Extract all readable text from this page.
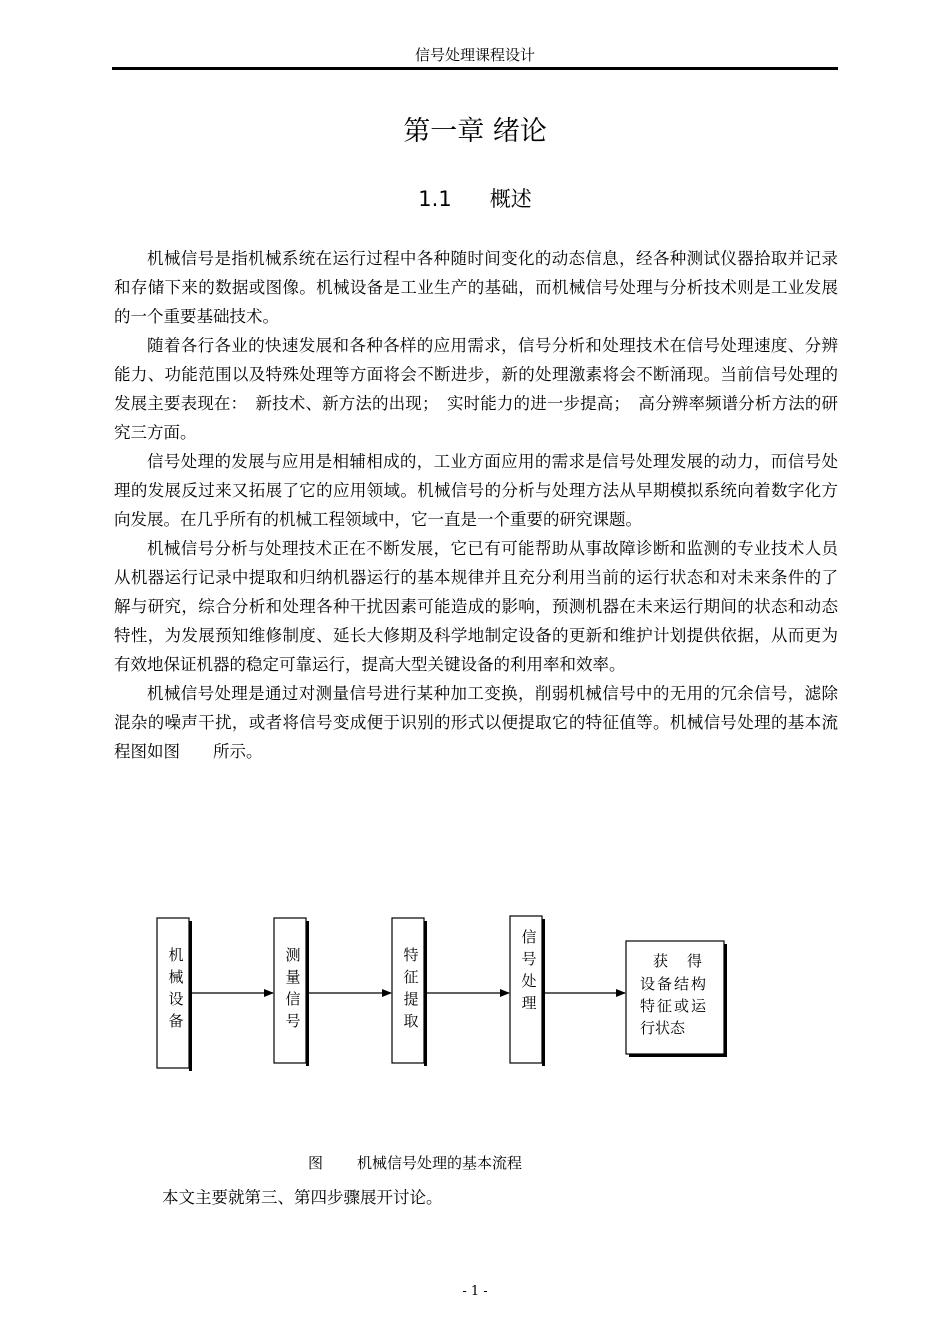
信号处理课程设计
第一章 绪论
1.1 概述

机械信号是指机械系统在运行过程中各种随时间变化的动态信息，经各种测试仪器拾取并记录和存储下来的数据或图像。机械设备是工业生产的基础，而机械信号处理与分析技术则是工业发展的一个重要基础技术。

随着各行各业的快速发展和各种各样的应用需求，信号分析和处理技术在信号处理速度、分辨能力、功能范围以及特殊处理等方面将会不断进步，新的处理激素将会不断涌现。当前信号处理的发展主要表现在：　新技术、新方法的出现；　实时能力的进一步提高；　高分辨率频谱分析方法的研究三方面。

信号处理的发展与应用是相辅相成的，工业方面应用的需求是信号处理发展的动力，而信号处理的发展反过来又拓展了它的应用领域。机械信号的分析与处理方法从早期模拟系统向着数字化方向发展。在几乎所有的机械工程领域中，它一直是一个重要的研究课题。

机械信号分析与处理技术正在不断发展，它已有可能帮助从事故障诊断和监测的专业技术人员从机器运行记录中提取和归纳机器运行的基本规律并且充分利用当前的运行状态和对未来条件的了解与研究，综合分析和处理各种干扰因素可能造成的影响，预测机器在未来运行期间的状态和动态特性，为发展预知维修制度、延长大修期及科学地制定设备的更新和维护计划提供依据，从而更为有效地保证机器的稳定可靠运行，提高大型关键设备的利用率和效率。

机械信号处理是通过对测量信号进行某种加工变换，削弱机械信号中的无用的冗余信号，滤除混杂的噪声干扰，或者将信号变成便于识别的形式以便提取它的特征值等。机械信号处理的基本流程图如图　　所示。

机
械
设
备
测
量
信
号
特
征
提
取
信
号
处
理
获　得
设备结构
特征或运
行状态
图 机械信号处理的基本流程
本文主要就第三、第四步骤展开讨论。
- 1 -
